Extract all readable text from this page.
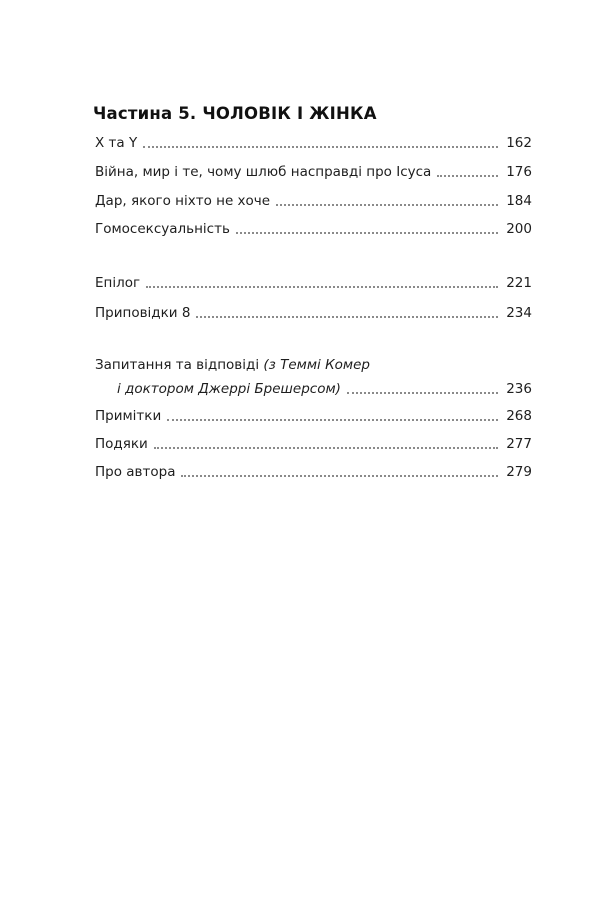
Частина 5. ЧОЛОВІК І ЖІНКА
Х та Y	162
Війна, мир і те, чому шлюб насправді про Ісуса	176
Дар, якого ніхто не хоче	184
Гомосексуальність	200
Епілог	221
Приповідки 8	234
Запитання та відповіді (з Теммі Комер
і доктором Джеррі Брешерсом)	236
Примітки	268
Подяки	277
Про автора	279
